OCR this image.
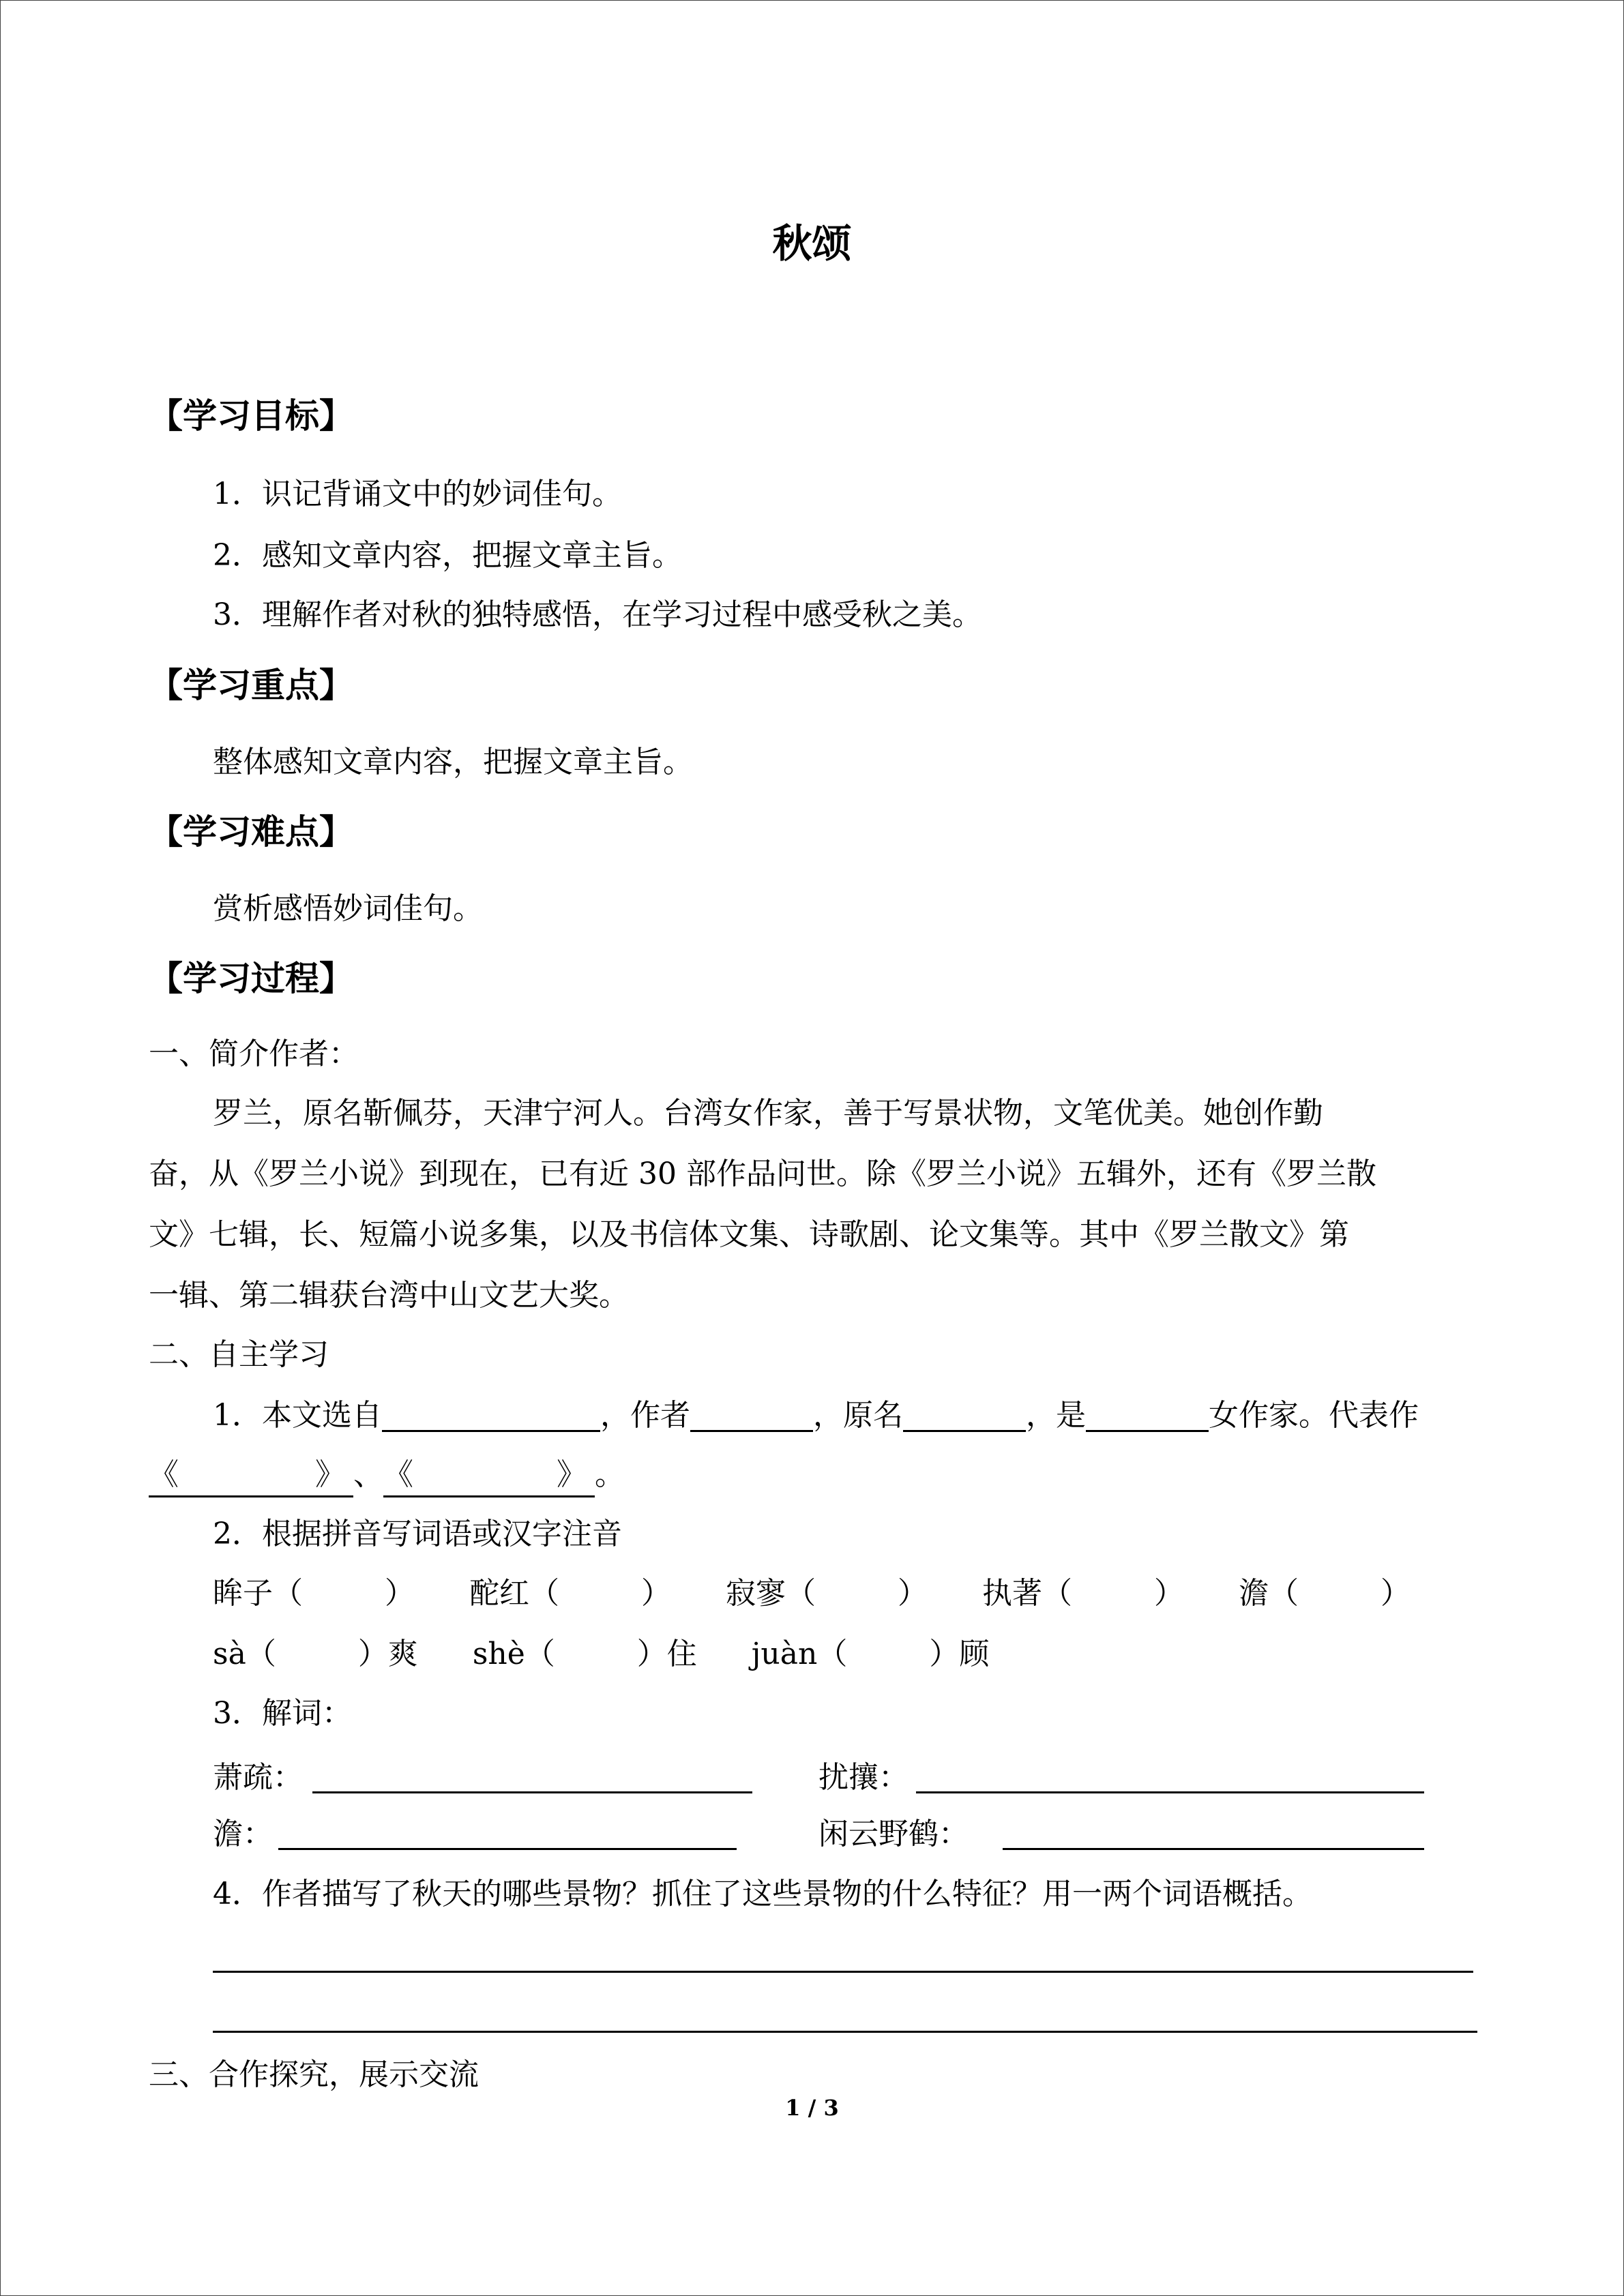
秋颂
【学习目标】
1．识记背诵文中的妙词佳句。
2．感知文章内容，把握文章主旨。
3．理解作者对秋的独特感悟，在学习过程中感受秋之美。
【学习重点】
整体感知文章内容，把握文章主旨。
【学习难点】
赏析感悟妙词佳句。
【学习过程】
一、简介作者：
罗兰，原名靳佩芬，天津宁河人。台湾女作家，善于写景状物，文笔优美。她创作勤
奋，从《罗兰小说》到现在，已有近 30 部作品问世。除《罗兰小说》五辑外，还有《罗兰散
文》七辑，长、短篇小说多集，以及书信体文集、诗歌剧、论文集等。其中《罗兰散文》第
一辑、第二辑获台湾中山文艺大奖。
二、自主学习
1．本文选自	，作者	，原名	，是	女作家。代表作
《	》 、《	》 。
2．根据拼音写词语或汉字注音
眸子（	） 酡红（	） 寂寥（	） 执著（	） 澹（	）
sà（	）爽 shè（	）住 juàn（	）顾
3．解词：
萧疏：	扰攘：
澹：	闲云野鹤：
4．作者描写了秋天的哪些景物？抓住了这些景物的什么特征？用一两个词语概括。
三、合作探究，展示交流
1 / 3
